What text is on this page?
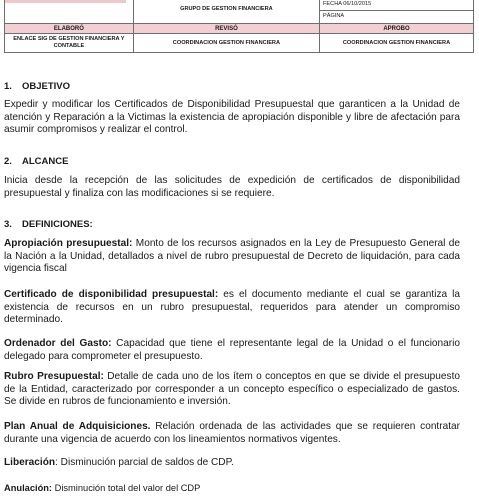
	GRUPO DE GESTION FINANCIERA	FECHA 06/10/2015
PÁGINA

ELABORÓ	REVISÓ	APROBO
ENLACE SIG DE GESTION FINANCIERA Y CONTABLE	COORDINACION GESTION FINANCIERA	COORDINACION GESTION FINANCIERA
1. OBJETIVO

Expedir y modificar los Certificados de Disponibilidad Presupuestal que garanticen a la Unidad de atención y Reparación a la Victimas la existencia de apropiación disponible y libre de afectación para asumir compromisos y realizar el control.

2. ALCANCE

Inicia desde la recepción de las solicitudes de expedición de certificados de disponibilidad presupuestal y finaliza con las modificaciones si se requiere.

3. DEFINICIONES:

Apropiación presupuestal: Monto de los recursos asignados en la Ley de Presupuesto General de la Nación a la Unidad, detallados a nivel de rubro presupuestal de Decreto de liquidación, para cada vigencia fiscal

Certificado de disponibilidad presupuestal: es el documento mediante el cual se garantiza la existencia de recursos en un rubro presupuestal, requeridos para atender un compromiso determinado.

Ordenador del Gasto: Capacidad que tiene el representante legal de la Unidad o el funcionario delegado para comprometer el presupuesto.

Rubro Presupuestal: Detalle de cada uno de los ítem o conceptos en que se divide el presupuesto de la Entidad, caracterizado por corresponder a un concepto específico o especializado de gastos. Se divide en rubros de funcionamiento e inversión.

Plan Anual de Adquisiciones. Relación ordenada de las actividades que se requieren contratar durante una vigencia de acuerdo con los lineamientos normativos vigentes.

Liberación: Disminución parcial de saldos de CDP.

Anulación: Disminución total del valor del CDP
